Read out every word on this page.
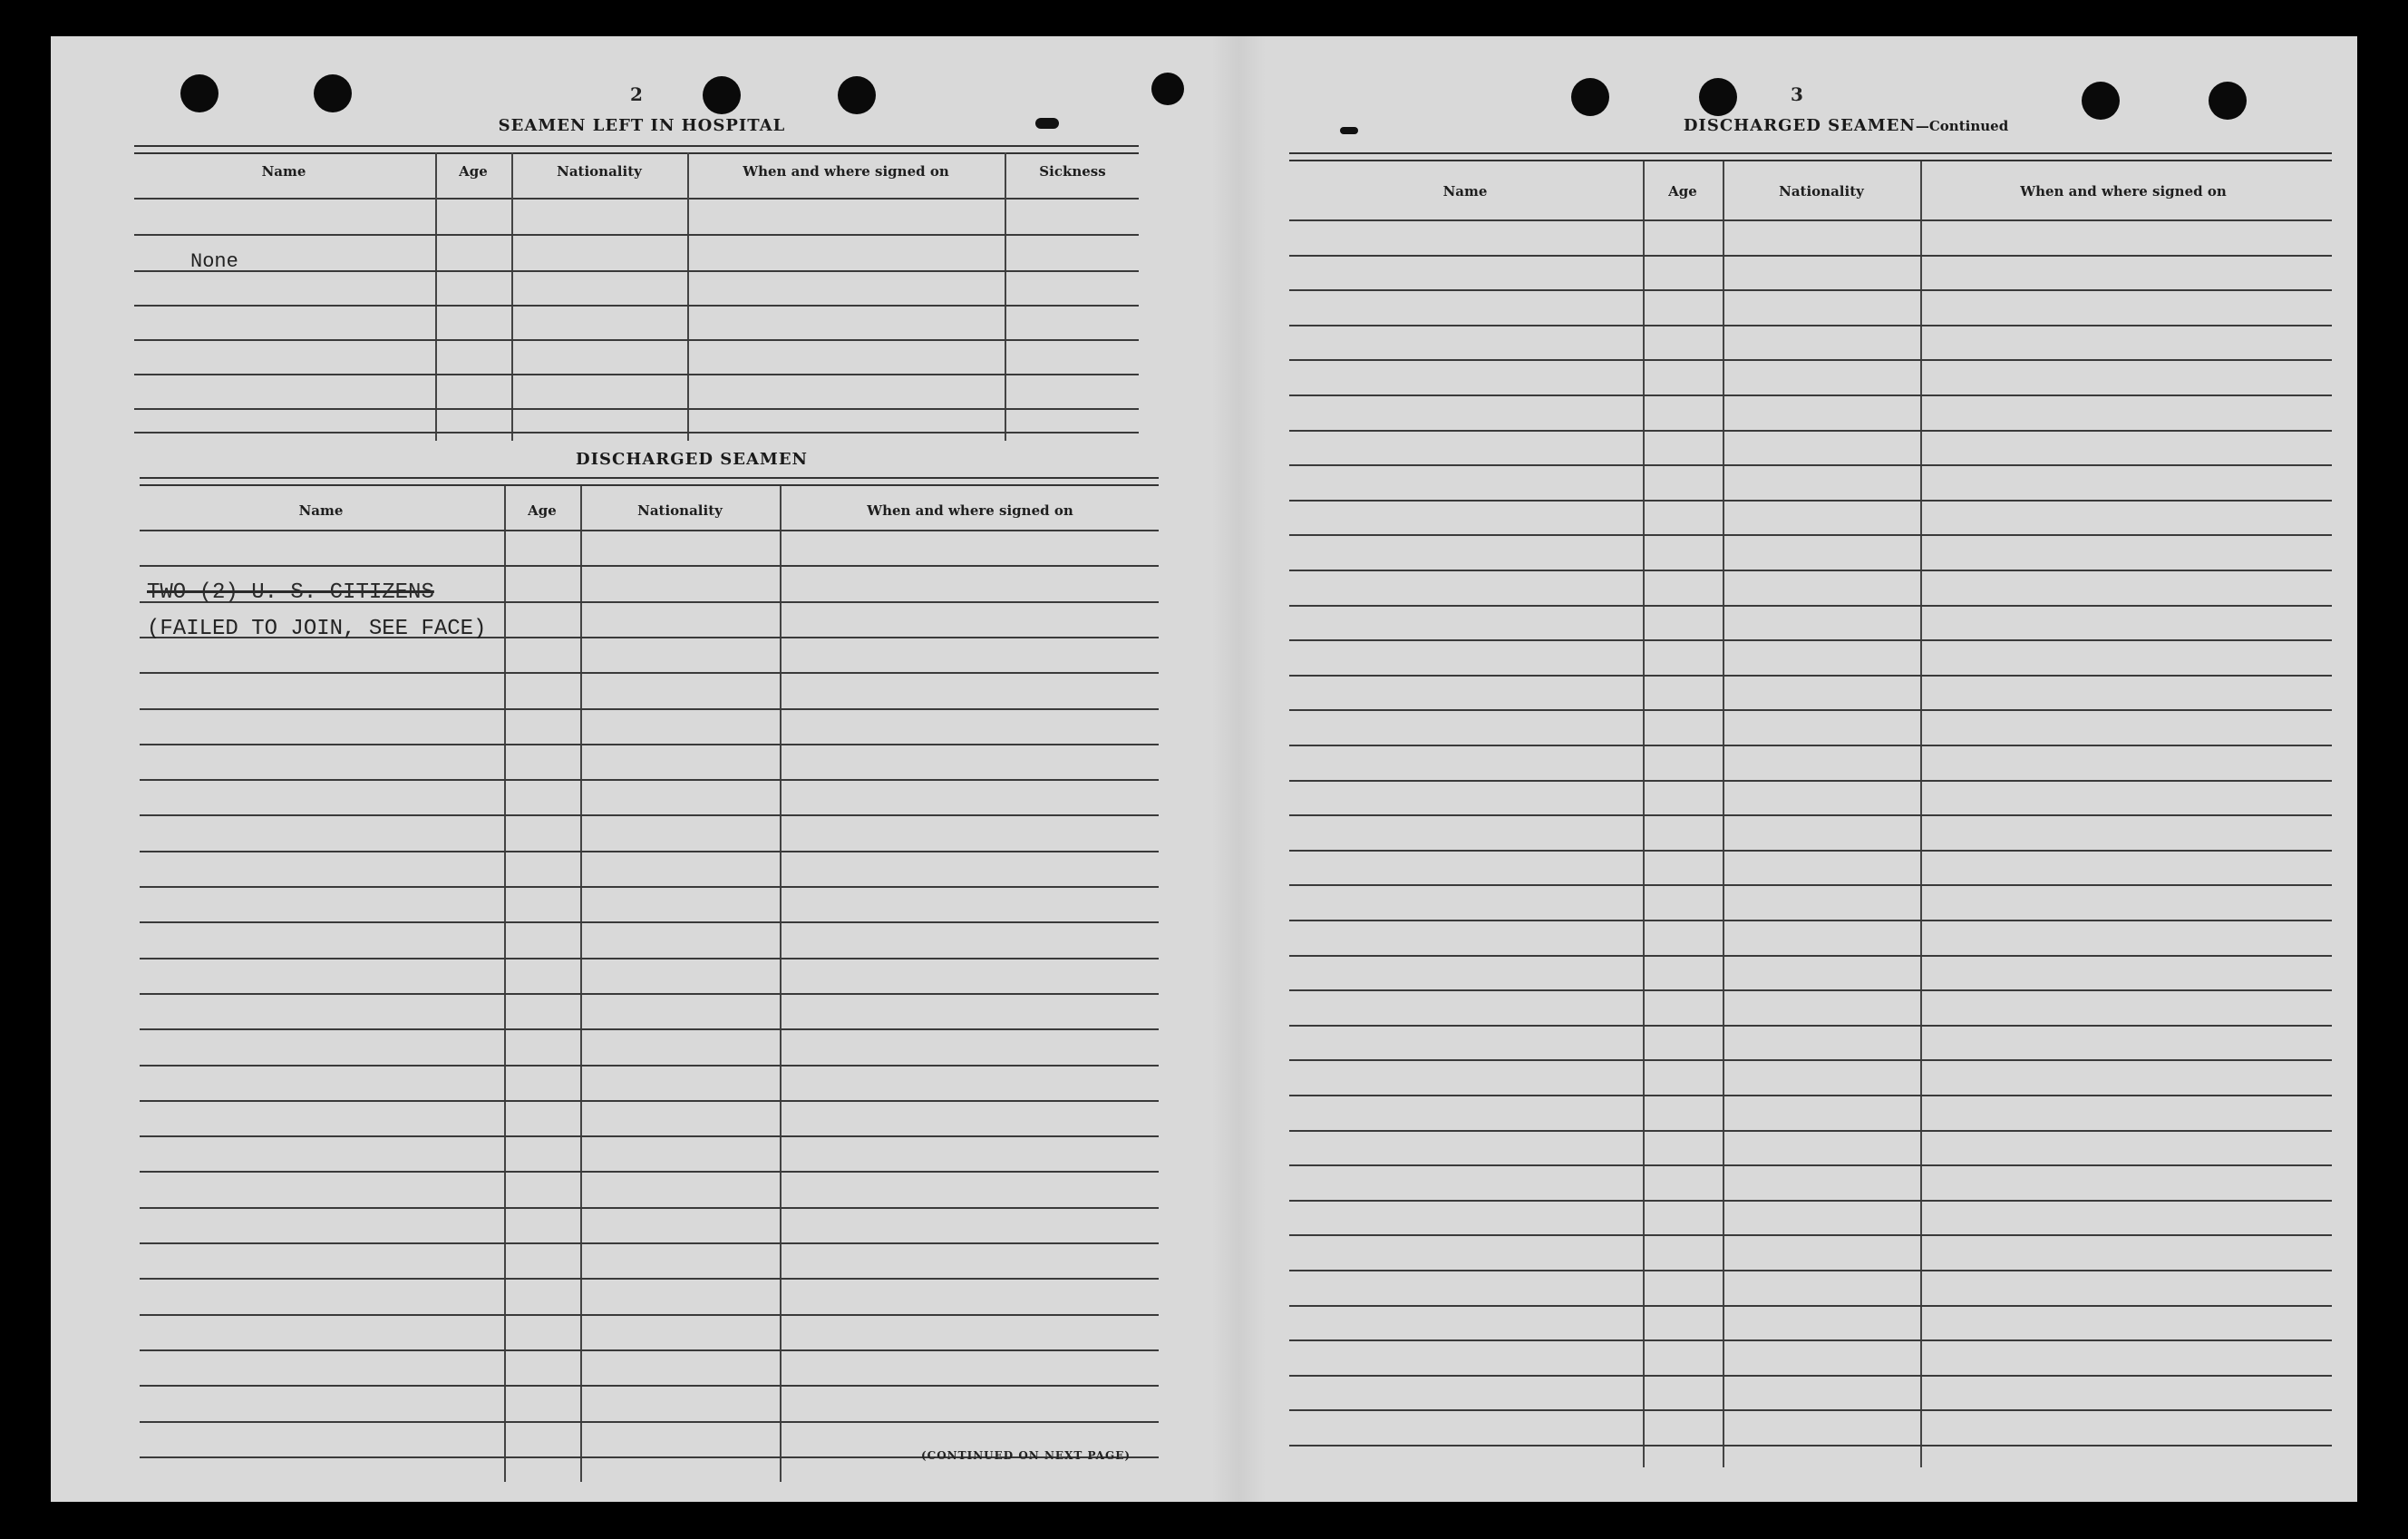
2
SEAMEN LEFT IN HOSPITAL
Name	Age	Nationality	When and where signed on	Sickness
None
DISCHARGED SEAMEN
Name	Age	Nationality	When and where signed on
TWO (2) U. S. CITIZENS
(FAILED TO JOIN, SEE FACE)
(CONTINUED ON NEXT PAGE)
3
DISCHARGED SEAMEN—Continued
Name	Age	Nationality	When and where signed on
